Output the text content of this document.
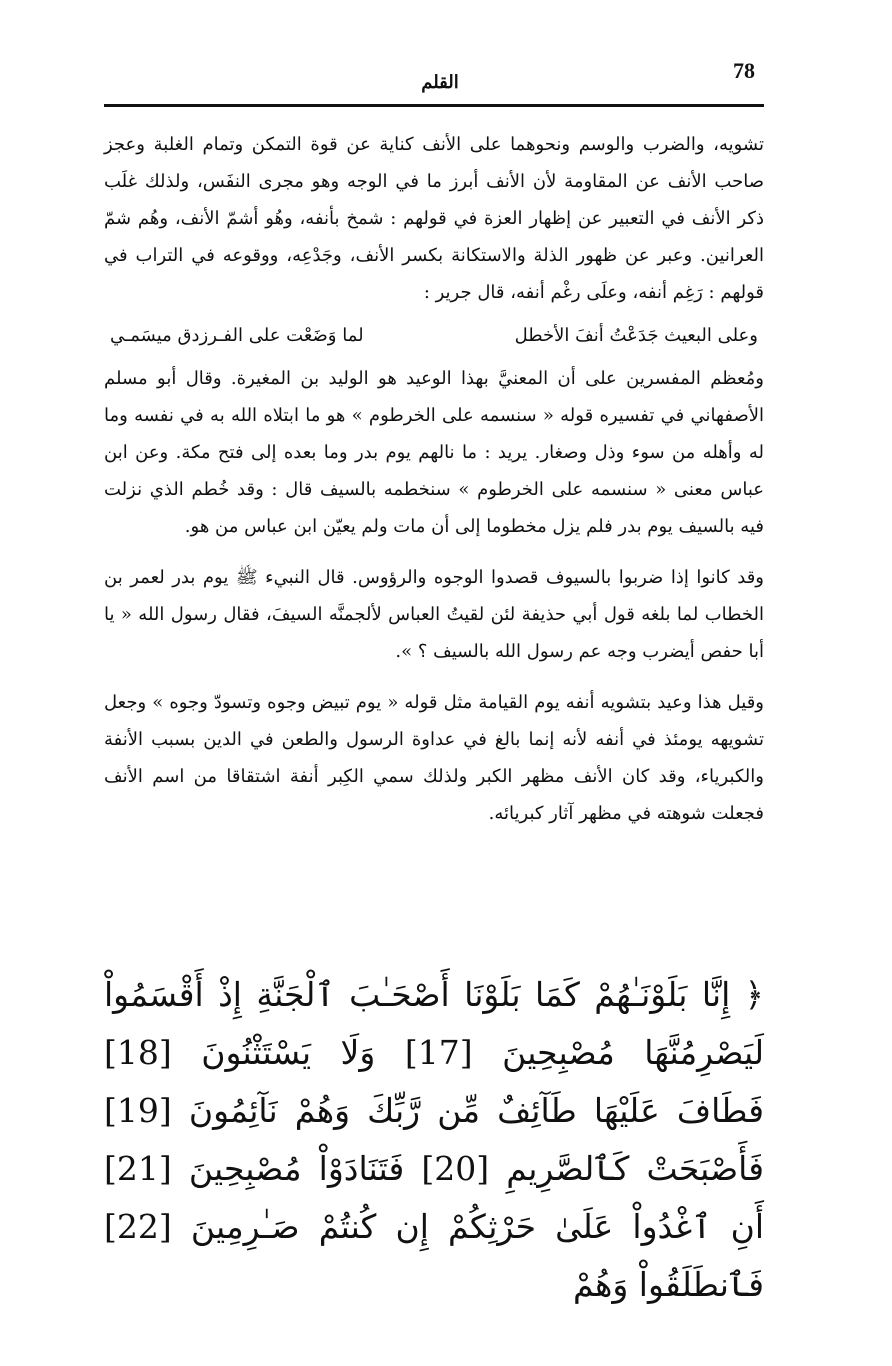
78
القلم

تشويه، والضرب والوسم ونحوهما على الأنف كناية عن قوة التمكن وتمام الغلبة وعجز صاحب الأنف عن المقاومة لأن الأنف أبرز ما في الوجه وهو مجرى النفَس، ولذلك غلَب ذكر الأنف في التعبير عن إظهار العزة في قولهم : شمخ بأنفه، وهُو أشمّ الأنف، وهُم شمّ العرانين. وعبر عن ظهور الذلة والاستكانة بكسر الأنف، وجَدْعِه، ووقوعه في التراب في قولهم : رَغِم أنفه، وعلَى رغْم أنفه، قال جرير :

لما وَضَعْت على الفـرزدق ميسَمـي	وعلى البعيث جَدَعْتُ أنفَ الأخطل

ومُعظم المفسرين على أن المعنيَّ بهذا الوعيد هو الوليد بن المغيرة. وقال أبو مسلم الأصفهاني في تفسيره قوله « سنسمه على الخرطوم » هو ما ابتلاه الله به في نفسه وما له وأهله من سوء وذل وصغار. يريد : ما نالهم يوم بدر وما بعده إلى فتح مكة. وعن ابن عباس معنى « سنسمه على الخرطوم » سنخطمه بالسيف قال : وقد خُطم الذي نزلت فيه بالسيف يوم بدر فلم يزل مخطوما إلى أن مات ولم يعيّن ابن عباس من هو.

وقد كانوا إذا ضربوا بالسيوف قصدوا الوجوه والرؤوس. قال النبيء ﷺ يوم بدر لعمر بن الخطاب لما بلغه قول أبي حذيفة لئن لقيتُ العباس لألجمنَّه السيفَ، فقال رسول الله « يا أبا حفص أيضرب وجه عم رسول الله بالسيف ؟ ».

وقيل هذا وعيد بتشويه أنفه يوم القيامة مثل قوله « يوم تبيض وجوه وتسودّ وجوه » وجعل تشويهه يومئذ في أنفه لأنه إنما بالغ في عداوة الرسول والطعن في الدين بسبب الأنفة والكبرياء، وقد كان الأنف مظهر الكبر ولذلك سمي الكِبر أنفة اشتقاقا من اسم الأنف فجعلت شوهته في مظهر آثار كبريائه.

﴿ إِنَّا بَلَوْنَـٰهُمْ كَمَا بَلَوْنَا أَصْحَـٰبَ ٱلْجَنَّةِ إِذْ أَقْسَمُواْ لَيَصْرِمُنَّهَا مُصْبِحِينَ [17] وَلَا يَسْتَثْنُونَ [18] فَطَافَ عَلَيْهَا طَآئِفٌ مِّن رَّبِّكَ وَهُمْ نَآئِمُونَ [19] فَأَصْبَحَتْ كَٱلصَّرِيمِ [20] فَتَنَادَوْاْ مُصْبِحِينَ [21] أَنِ ٱغْدُواْ عَلَىٰ حَرْثِكُمْ إِن كُنتُمْ صَـٰرِمِينَ [22] فَٱنطَلَقُواْ وَهُمْ
